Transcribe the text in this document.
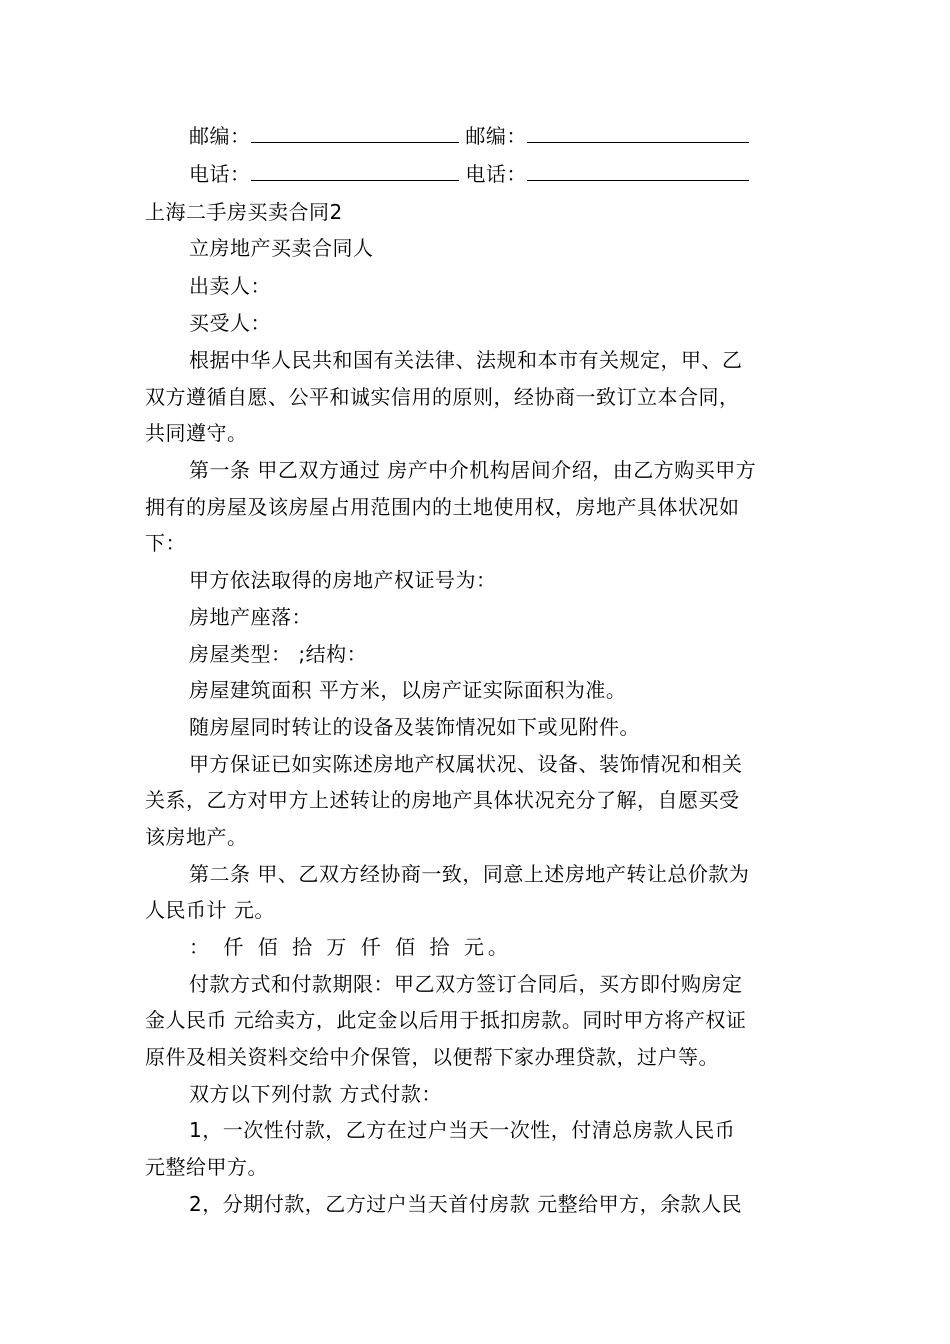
邮编：	邮编：
电话：	电话：
上海二手房买卖合同2
立房地产买卖合同人
出卖人：
买受人：
根据中华人民共和国有关法律、法规和本市有关规定，甲、乙
双方遵循自愿、公平和诚实信用的原则，经协商一致订立本合同，
共同遵守。
第一条 甲乙双方通过 房产中介机构居间介绍，由乙方购买甲方
拥有的房屋及该房屋占用范围内的土地使用权，房地产具体状况如
下：
甲方依法取得的房地产权证号为：
房地产座落：
房屋类型： ;结构：
房屋建筑面积 平方米，以房产证实际面积为准。
随房屋同时转让的设备及装饰情况如下或见附件。
甲方保证已如实陈述房地产权属状况、设备、装饰情况和相关
关系，乙方对甲方上述转让的房地产具体状况充分了解，自愿买受
该房地产。
第二条 甲、乙双方经协商一致，同意上述房地产转让总价款为
人民币计 元。
： 仟 佰 拾 万 仟 佰 拾 元。
付款方式和付款期限：甲乙双方签订合同后，买方即付购房定
金人民币 元给卖方，此定金以后用于抵扣房款。同时甲方将产权证
原件及相关资料交给中介保管，以便帮下家办理贷款，过户等。
双方以下列付款 方式付款：
1，一次性付款，乙方在过户当天一次性，付清总房款人民币
元整给甲方。
2，分期付款，乙方过户当天首付房款 元整给甲方，余款人民
